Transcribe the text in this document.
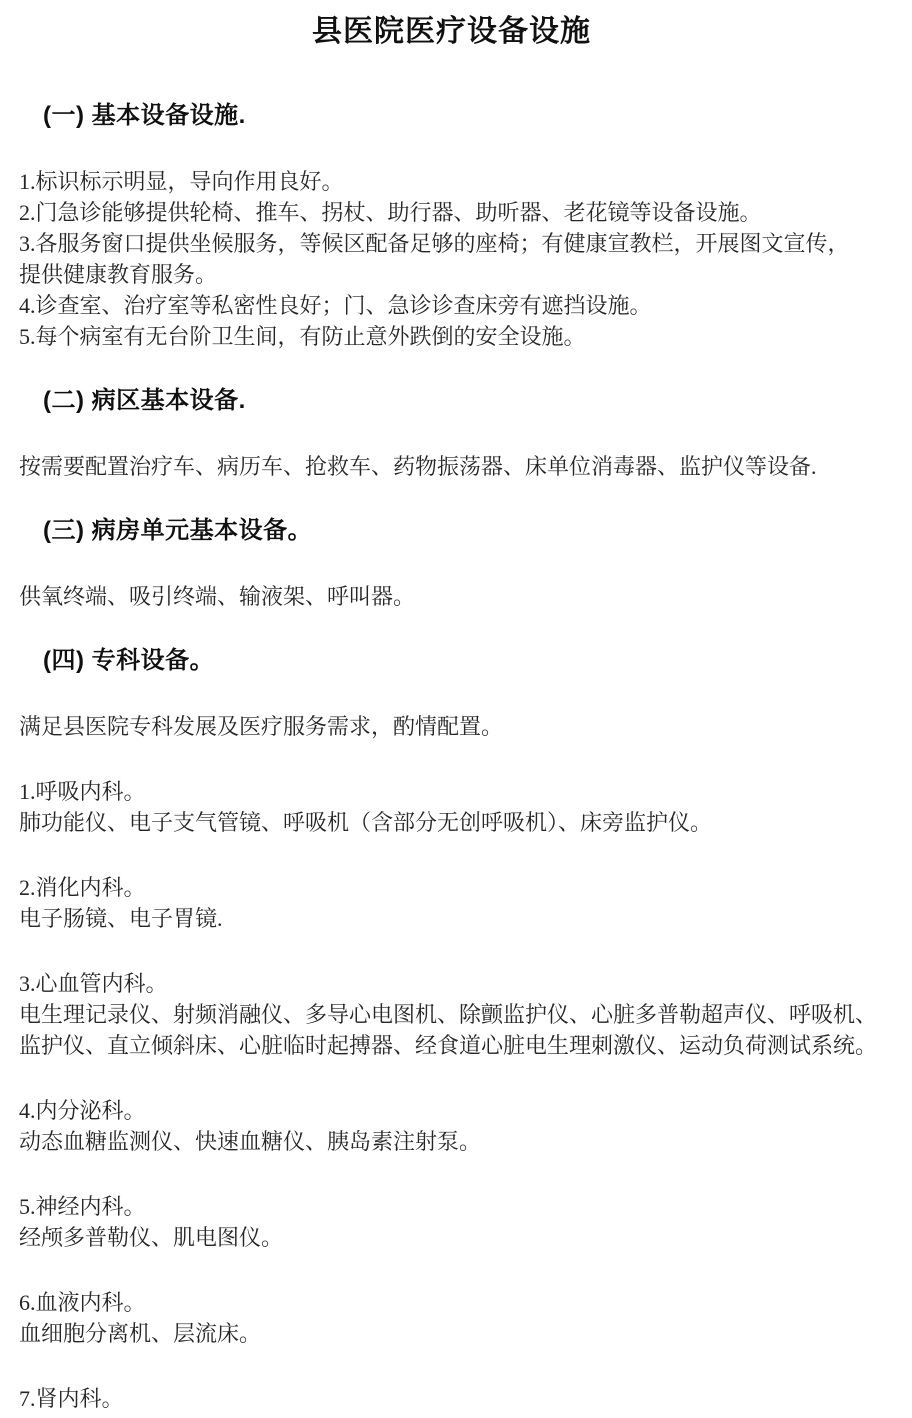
县医院医疗设备设施
(一) 基本设备设施.
1.标识标示明显，导向作用良好。
2.门急诊能够提供轮椅、推车、拐杖、助行器、助听器、老花镜等设备设施。
3.各服务窗口提供坐候服务，等候区配备足够的座椅；有健康宣教栏，开展图文宣传，
提供健康教育服务。
4.诊查室、治疗室等私密性良好；门、急诊诊查床旁有遮挡设施。
5.每个病室有无台阶卫生间，有防止意外跌倒的安全设施。
(二) 病区基本设备.
按需要配置治疗车、病历车、抢救车、药物振荡器、床单位消毒器、监护仪等设备.
(三) 病房单元基本设备。
供氧终端、吸引终端、输液架、呼叫器。
(四) 专科设备。
满足县医院专科发展及医疗服务需求，酌情配置。
1.呼吸内科。
肺功能仪、电子支气管镜、呼吸机（含部分无创呼吸机）、床旁监护仪。
2.消化内科。
电子肠镜、电子胃镜.
3.心血管内科。
电生理记录仪、射频消融仪、多导心电图机、除颤监护仪、心脏多普勒超声仪、呼吸机、
监护仪、直立倾斜床、心脏临时起搏器、经食道心脏电生理刺激仪、运动负荷测试系统。
4.内分泌科。
动态血糖监测仪、快速血糖仪、胰岛素注射泵。
5.神经内科。
经颅多普勒仪、肌电图仪。
6.血液内科。
血细胞分离机、层流床。
7.肾内科。
